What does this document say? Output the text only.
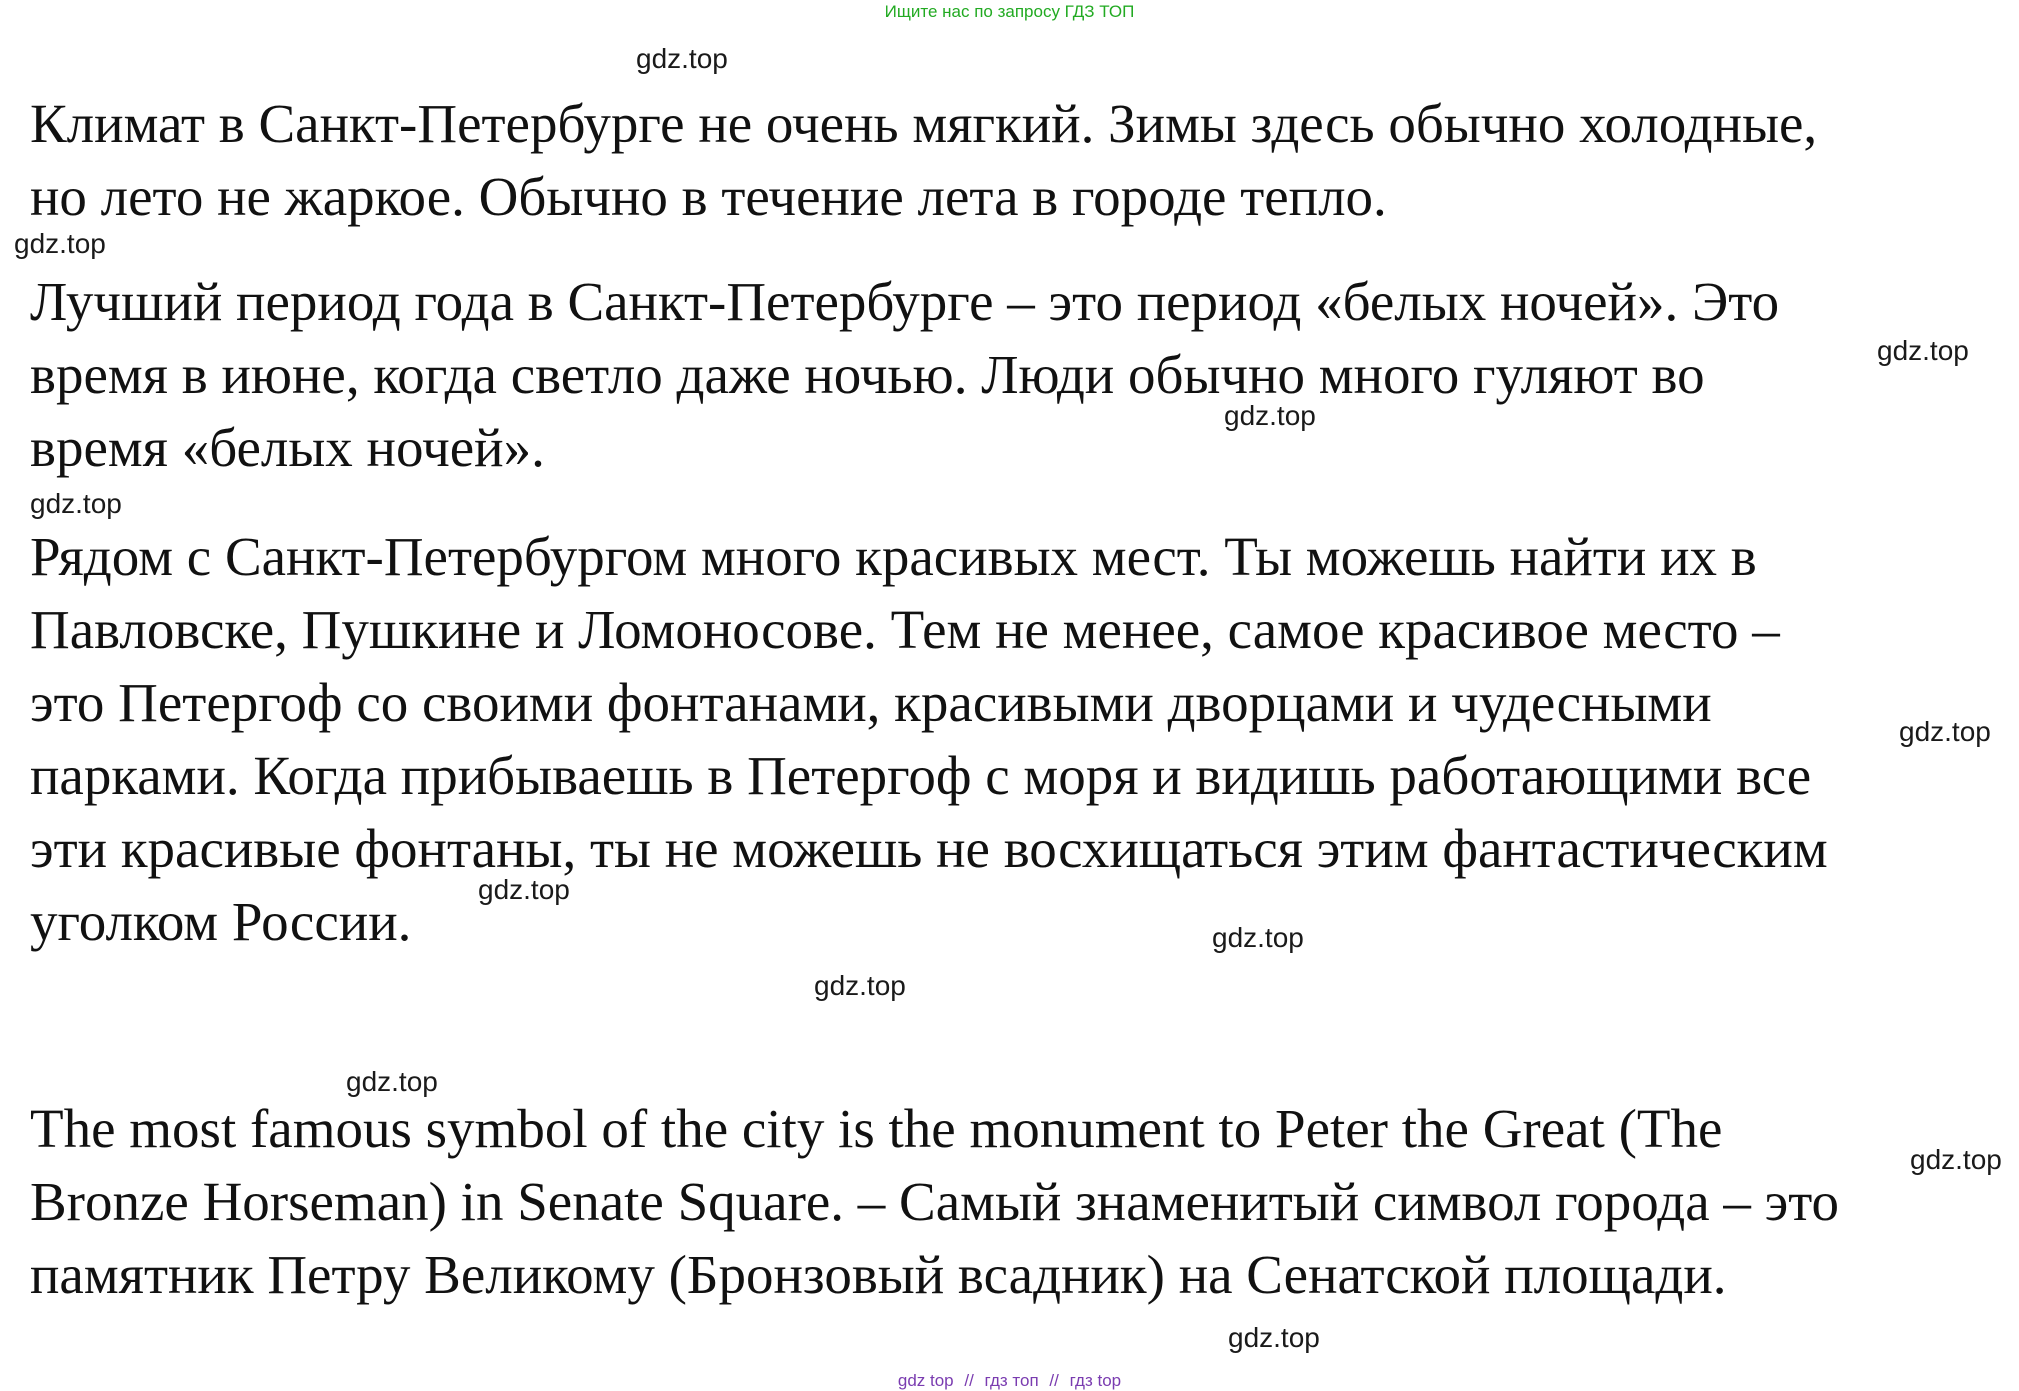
Ищите нас по запросу ГДЗ ТОП

Климат в Санкт-Петербурге не очень мягкий. Зимы здесь обычно холодные,
но лето не жаркое. Обычно в течение лета в городе тепло.

Лучший период года в Санкт-Петербурге – это период «белых ночей». Это
время в июне, когда светло даже ночью. Люди обычно много гуляют во
время «белых ночей».

Рядом с Санкт-Петербургом много красивых мест. Ты можешь найти их в
Павловске, Пушкине и Ломоносове. Тем не менее, самое красивое место –
это Петергоф со своими фонтанами, красивыми дворцами и чудесными
парками. Когда прибываешь в Петергоф с моря и видишь работающими все
эти красивые фонтаны, ты не можешь не восхищаться этим фантастическим
уголком России.

The most famous symbol of the city is the monument to Peter the Great (The
Bronze Horseman) in Senate Square. – Самый знаменитый символ города – это
памятник Петру Великому (Бронзовый всадник) на Сенатской площади.

gdz.top
gdz.top
gdz.top
gdz.top
gdz.top
gdz.top
gdz.top
gdz.top
gdz.top
gdz.top
gdz.top
gdz.top
gdz top // гдз топ // гдз top
